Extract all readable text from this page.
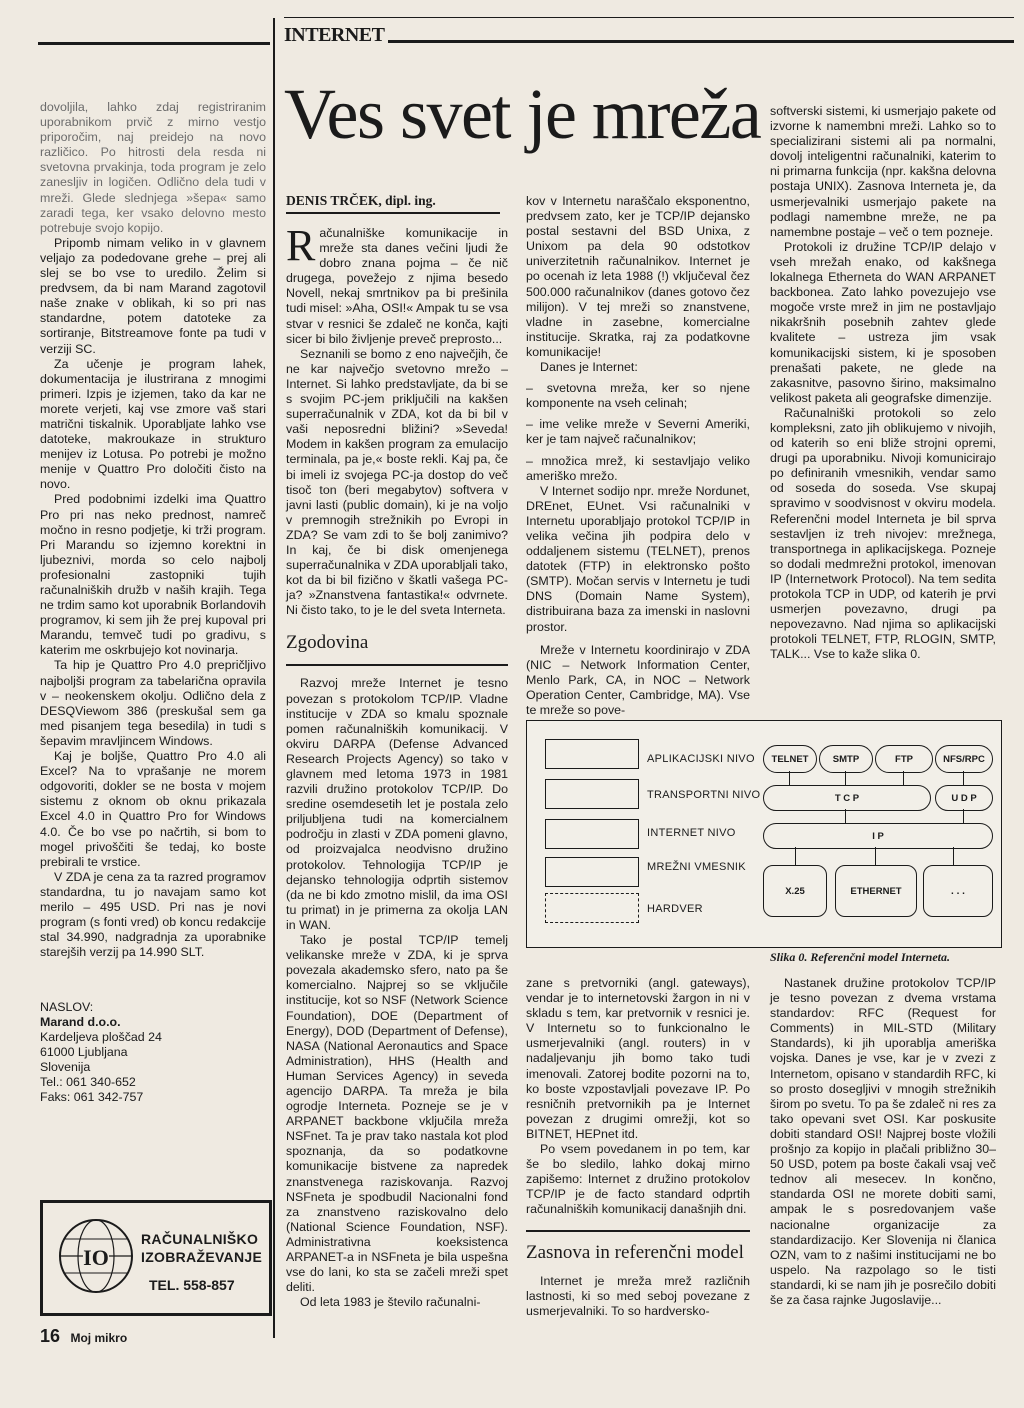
INTERNET

dovoljila, lahko zdaj registriranim uporabnikom prvič z mirno vestjo priporočim, naj preidejo na novo različico. Po hitrosti dela resda ni svetovna prvakinja, toda program je zelo zanesljiv in logičen. Odlično dela tudi v mreži. Glede slednjega »šepa« samo zaradi tega, ker vsako delovno mesto potrebuje svojo kopijo.

Pripomb nimam veliko in v glavnem veljajo za podedovane grehe – prej ali slej se bo vse to uredilo. Želim si predvsem, da bi nam Marand zagotovil naše znake v oblikah, ki so pri nas standardne, potem datoteke za sortiranje, Bitstreamove fonte pa tudi v verziji SC.

Za učenje je program lahek, dokumentacija je ilustrirana z mnogimi primeri. Izpis je izjemen, tako da kar ne morete verjeti, kaj vse zmore vaš stari matrični tiskalnik. Uporabljate lahko vse datoteke, makroukaze in strukturo menijev iz Lotusa. Po potrebi je možno menije v Quattro Pro določiti čisto na novo.

Pred podobnimi izdelki ima Quattro Pro pri nas neko prednost, namreč močno in resno podjetje, ki trži program. Pri Marandu so izjemno korektni in ljubeznivi, morda so celo najbolj profesionalni zastopniki tujih računalniških družb v naših krajih. Tega ne trdim samo kot uporabnik Borlandovih programov, ki sem jih že prej kupoval pri Marandu, temveč tudi po gradivu, s katerim me oskrbujejo kot novinarja.

Ta hip je Quattro Pro 4.0 prepričljivo najboljši program za tabelarična opravila v – neokenskem okolju. Odlično dela z DESQViewom 386 (preskušal sem ga med pisanjem tega besedila) in tudi s šepavim mravljincem Windows.

Kaj je boljše, Quattro Pro 4.0 ali Excel? Na to vprašanje ne morem odgovoriti, dokler se ne bosta v mojem sistemu z oknom ob oknu prikazala Excel 4.0 in Quattro Pro for Windows 4.0. Če bo vse po načrtih, si bom to mogel privoščiti še tedaj, ko boste prebirali te vrstice.

V ZDA je cena za ta razred programov standardna, tu jo navajam samo kot merilo – 495 USD. Pri nas je novi program (s fonti vred) ob koncu redakcije stal 34.990, nadgradnja za uporabnike starejših verzij pa 14.990 SLT.

NASLOV:
Marand d.o.o.
Kardeljeva ploščad 24
61000 Ljubljana
Slovenija
Tel.: 061 340-652
Faks: 061 342-757
IO
RAČUNALNIŠKO
IZOBRAŽEVANJE
TEL. 558-857
16 Moj mikro
Ves svet je mreža
DENIS TRČEK, dipl. ing.

R ačunalniške komunikacije in mreže sta danes večini ljudi že dobro znana pojma – če nič drugega, povežejo z njima besedo Novell, nekaj smrtnikov pa bi prešinila tudi misel: »Aha, OSI!« Ampak tu se vsa stvar v resnici še zdaleč ne konča, kajti sicer bi bilo življenje preveč preprosto...

Seznanili se bomo z eno največjih, če ne kar največjo svetovno mrežo – Internet. Si lahko predstavljate, da bi se s svojim PC-jem priključili na kakšen superračunalnik v ZDA, kot da bi bil v vaši neposredni bližini? »Seveda! Modem in kakšen program za emulacijo terminala, pa je,« boste rekli. Kaj pa, če bi imeli iz svojega PC-ja dostop do več tisoč ton (beri megabytov) softvera v javni lasti (public domain), ki je na voljo v premnogih strežnikih po Evropi in ZDA? Se vam zdi to še bolj zanimivo? In kaj, če bi disk omenjenega superračunalnika v ZDA uporabljali tako, kot da bi bil fizično v škatli vašega PC-ja? »Znanstvena fantastika!« odvrnete. Ni čisto tako, to je le del sveta Interneta.

Zgodovina

Razvoj mreže Internet je tesno povezan s protokolom TCP/IP. Vladne institucije v ZDA so kmalu spoznale pomen računalniških komunikacij. V okviru DARPA (Defense Advanced Research Projects Agency) so tako v glavnem med letoma 1973 in 1981 razvili družino protokolov TCP/IP. Do sredine osemdesetih let je postala zelo priljubljena tudi na komercialnem področju in zlasti v ZDA pomeni glavno, od proizvajalca neodvisno družino protokolov. Tehnologija TCP/IP je dejansko tehnologija odprtih sistemov (da ne bi kdo zmotno mislil, da ima OSI tu primat) in je primerna za okolja LAN in WAN.

Tako je postal TCP/IP temelj velikanske mreže v ZDA, ki je sprva povezala akademsko sfero, nato pa še komercialno. Najprej so se vključile institucije, kot so NSF (Network Science Foundation), DOE (Department of Energy), DOD (Department of Defense), NASA (National Aeronautics and Space Administration), HHS (Health and Human Services Agency) in seveda agencijo DARPA. Ta mreža je bila ogrodje Interneta. Pozneje se je v ARPANET backbone vključila mreža NSFnet. Ta je prav tako nastala kot plod spoznanja, da so podatkovne komunikacije bistvene za napredek znanstvenega raziskovanja. Razvoj NSFneta je spodbudil Nacionalni fond za znanstveno raziskovalno delo (National Science Foundation, NSF). Administrativna koeksistenca ARPANET-a in NSFneta je bila uspešna vse do lani, ko sta se začeli mreži spet deliti.

Od leta 1983 je število računalni-

kov v Internetu naraščalo eksponentno, predvsem zato, ker je TCP/IP dejansko postal sestavni del BSD Unixa, z Unixom pa dela 90 odstotkov univerzitetnih računalnikov. Internet je po ocenah iz leta 1988 (!) vključeval čez 500.000 računalnikov (danes gotovo čez milijon). V tej mreži so znanstvene, vladne in zasebne, komercialne institucije. Skratka, raj za podatkovne komunikacije!

Danes je Internet:

– svetovna mreža, ker so njene komponente na vseh celinah;

– ime velike mreže v Severni Ameriki, ker je tam največ računalnikov;

– množica mrež, ki sestavljajo veliko ameriško mrežo.

V Internet sodijo npr. mreže Nordunet, DREnet, EUnet. Vsi računalniki v Internetu uporabljajo protokol TCP/IP in velika večina jih podpira delo v oddaljenem sistemu (TELNET), prenos datotek (FTP) in elektronsko pošto (SMTP). Močan servis v Internetu je tudi DNS (Domain Name System), distribuirana baza za imenski in naslovni prostor.

Mreže v Internetu koordinirajo v ZDA (NIC – Network Information Center, Menlo Park, CA, in NOC – Network Operation Center, Cambridge, MA). Vse te mreže so pove-

zane s pretvorniki (angl. gateways), vendar je to internetovski žargon in ni v skladu s tem, kar pretvornik v resnici je. V Internetu so to funkcionalno le usmerjevalniki (angl. routers) in v nadaljevanju jih bomo tako tudi imenovali. Zatorej bodite pozorni na to, ko boste vzpostavljali povezave IP. Po resničnih pretvornikih pa je Internet povezan z drugimi omrežji, kot so BITNET, HEPnet itd.

Po vsem povedanem in po tem, kar še bo sledilo, lahko dokaj mirno zapišemo: Internet z družino protokolov TCP/IP je de facto standard odprtih računalniških komunikacij današnjih dni.

Zasnova in referenčni model

Internet je mreža mrež različnih lastnosti, ki so med seboj povezane z usmerjevalniki. To so hardversko-

softverski sistemi, ki usmerjajo pakete od izvorne k namembni mreži. Lahko so to specializirani sistemi ali pa normalni, dovolj inteligentni računalniki, katerim to ni primarna funkcija (npr. kakšna delovna postaja UNIX). Zasnova Interneta je, da usmerjevalniki usmerjajo pakete na podlagi namembne mreže, ne pa namembne postaje – več o tem pozneje.

Protokoli iz družine TCP/IP delajo v vseh mrežah enako, od kakšnega lokalnega Etherneta do WAN ARPANET backbonea. Zato lahko povezujejo vse mogoče vrste mrež in jim ne postavljajo nikakršnih posebnih zahtev glede kvalitete – ustreza jim vsak komunikacijski sistem, ki je sposoben prenašati pakete, ne glede na zakasnitve, pasovno širino, maksimalno velikost paketa ali geografske dimenzije.

Računalniški protokoli so zelo kompleksni, zato jih oblikujemo v nivojih, od katerih so eni bliže strojni opremi, drugi pa uporabniku. Nivoji komunicirajo po definiranih vmesnikih, vendar samo od soseda do soseda. Vse skupaj spravimo v soodvisnost v okviru modela. Referenčni model Interneta je bil sprva sestavljen iz treh nivojev: mrežnega, transportnega in aplikacijskega. Pozneje so dodali medmrežni protokol, imenovan IP (Internetwork Protocol). Na tem sedita protokola TCP in UDP, od katerih je prvi usmerjen povezavno, drugi pa nepovezavno. Nad njima so aplikacijski protokoli TELNET, FTP, RLOGIN, SMTP, TALK... Vse to kaže slika 0.

Nastanek družine protokolov TCP/IP je tesno povezan z dvema vrstama standardov: RFC (Request for Comments) in MIL-STD (Military Standards), ki jih uporablja ameriška vojska. Danes je vse, kar je v zvezi z Internetom, opisano v standardih RFC, ki so prosto dosegljivi v mnogih strežnikih širom po svetu. To pa še zdaleč ni res za tako opevani svet OSI. Kar poskusite dobiti standard OSI! Najprej boste vložili prošnjo za kopijo in plačali približno 30–50 USD, potem pa boste čakali vsaj več tednov ali mesecev. In končno, standarda OSI ne morete dobiti sami, ampak le s posredovanjem vaše nacionalne organizacije za standardizacijo. Ker Slovenija ni članica OZN, vam to z našimi institucijami ne bo uspelo. Na razpolago so le tisti standardi, ki se nam jih je posrečilo dobiti še za časa rajnke Jugoslavije...

APLIKACIJSKI NIVO
TRANSPORTNI NIVO
INTERNET NIVO
MREŽNI VMESNIK
HARDVER
TELNET	SMTP	FTP	NFS/RPC
T C P	U D P
I P
X.25	ETHERNET	. . .
Slika 0. Referenčni model Interneta.
